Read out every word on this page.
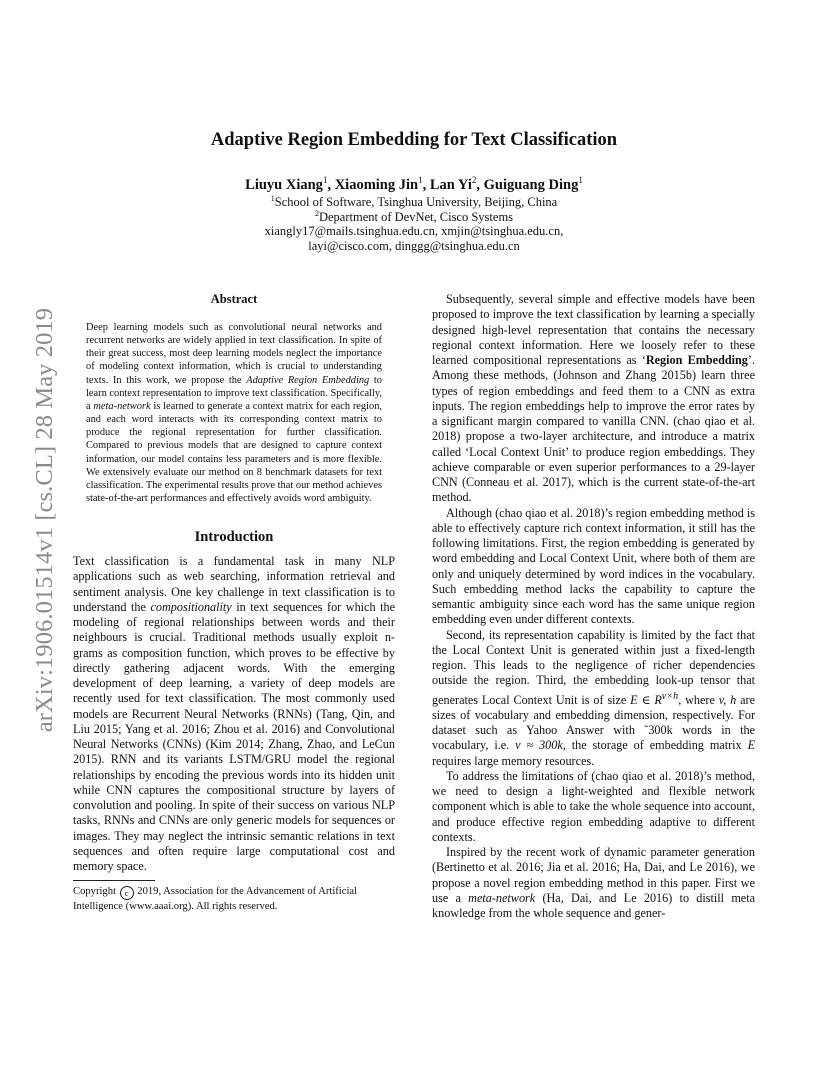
arXiv:1906.01514v1 [cs.CL] 28 May 2019
Adaptive Region Embedding for Text Classification
Liuyu Xiang$^1$, Xiaoming Jin$^1$, Lan Yi$^2$, Guiguang Ding$^1$
$^1$School of Software, Tsinghua University, Beijing, China
$^2$Department of DevNet, Cisco Systems
xiangly17@mails.tsinghua.edu.cn, xmjin@tsinghua.edu.cn,
layi@cisco.com, dinggg@tsinghua.edu.cn
Abstract

Deep learning models such as convolutional neural networks and recurrent networks are widely applied in text classification. In spite of their great success, most deep learning models neglect the importance of modeling context information, which is crucial to understanding texts. In this work, we propose the Adaptive Region Embedding to learn context representation to improve text classification. Specifically, a meta-network is learned to generate a context matrix for each region, and each word interacts with its corresponding context matrix to produce the regional representation for further classification. Compared to previous models that are designed to capture context information, our model contains less parameters and is more flexible. We extensively evaluate our method on 8 benchmark datasets for text classification. The experimental results prove that our method achieves state-of-the-art performances and effectively avoids word ambiguity.

Introduction

Text classification is a fundamental task in many NLP applications such as web searching, information retrieval and sentiment analysis. One key challenge in text classification is to understand the compositionality in text sequences for which the modeling of regional relationships between words and their neighbours is crucial. Traditional methods usually exploit n-grams as composition function, which proves to be effective by directly gathering adjacent words. With the emerging development of deep learning, a variety of deep models are recently used for text classification. The most commonly used models are Recurrent Neural Networks (RNNs) (Tang, Qin, and Liu 2015; Yang et al. 2016; Zhou et al. 2016) and Convolutional Neural Networks (CNNs) (Kim 2014; Zhang, Zhao, and LeCun 2015). RNN and its variants LSTM/GRU model the regional relationships by encoding the previous words into its hidden unit while CNN captures the compositional structure by layers of convolution and pooling. In spite of their success on various NLP tasks, RNNs and CNNs are only generic models for sequences or images. They may neglect the intrinsic semantic relations in text sequences and often require large computational cost and memory space.

Copyright c 2019, Association for the Advancement of Artificial Intelligence (www.aaai.org). All rights reserved.

Subsequently, several simple and effective models have been proposed to improve the text classification by learning a specially designed high-level representation that contains the necessary regional context information. Here we loosely refer to these learned compositional representations as ‘Region Embedding’. Among these methods, (Johnson and Zhang 2015b) learn three types of region embeddings and feed them to a CNN as extra inputs. The region embeddings help to improve the error rates by a significant margin compared to vanilla CNN. (chao qiao et al. 2018) propose a two-layer architecture, and introduce a matrix called ‘Local Context Unit’ to produce region embeddings. They achieve comparable or even superior performances to a 29-layer CNN (Conneau et al. 2017), which is the current state-of-the-art method.

Although (chao qiao et al. 2018)’s region embedding method is able to effectively capture rich context information, it still has the following limitations. First, the region embedding is generated by word embedding and Local Context Unit, where both of them are only and uniquely determined by word indices in the vocabulary. Such embedding method lacks the capability to capture the semantic ambiguity since each word has the same unique region embedding even under different contexts.

Second, its representation capability is limited by the fact that the Local Context Unit is generated within just a fixed-length region. This leads to the negligence of richer dependencies outside the region. Third, the embedding look-up tensor that generates Local Context Unit is of size E ∈ $R^{v\times h}$, where v, h are sizes of vocabulary and embedding dimension, respectively. For dataset such as Yahoo Answer with ˜300k words in the vocabulary, i.e. v ≈ 300k, the storage of embedding matrix E requires large memory resources.

To address the limitations of (chao qiao et al. 2018)’s method, we need to design a light-weighted and flexible network component which is able to take the whole sequence into account, and produce effective region embedding adaptive to different contexts.

Inspired by the recent work of dynamic parameter generation (Bertinetto et al. 2016; Jia et al. 2016; Ha, Dai, and Le 2016), we propose a novel region embedding method in this paper. First we use a meta-network (Ha, Dai, and Le 2016) to distill meta knowledge from the whole sequence and gener-
